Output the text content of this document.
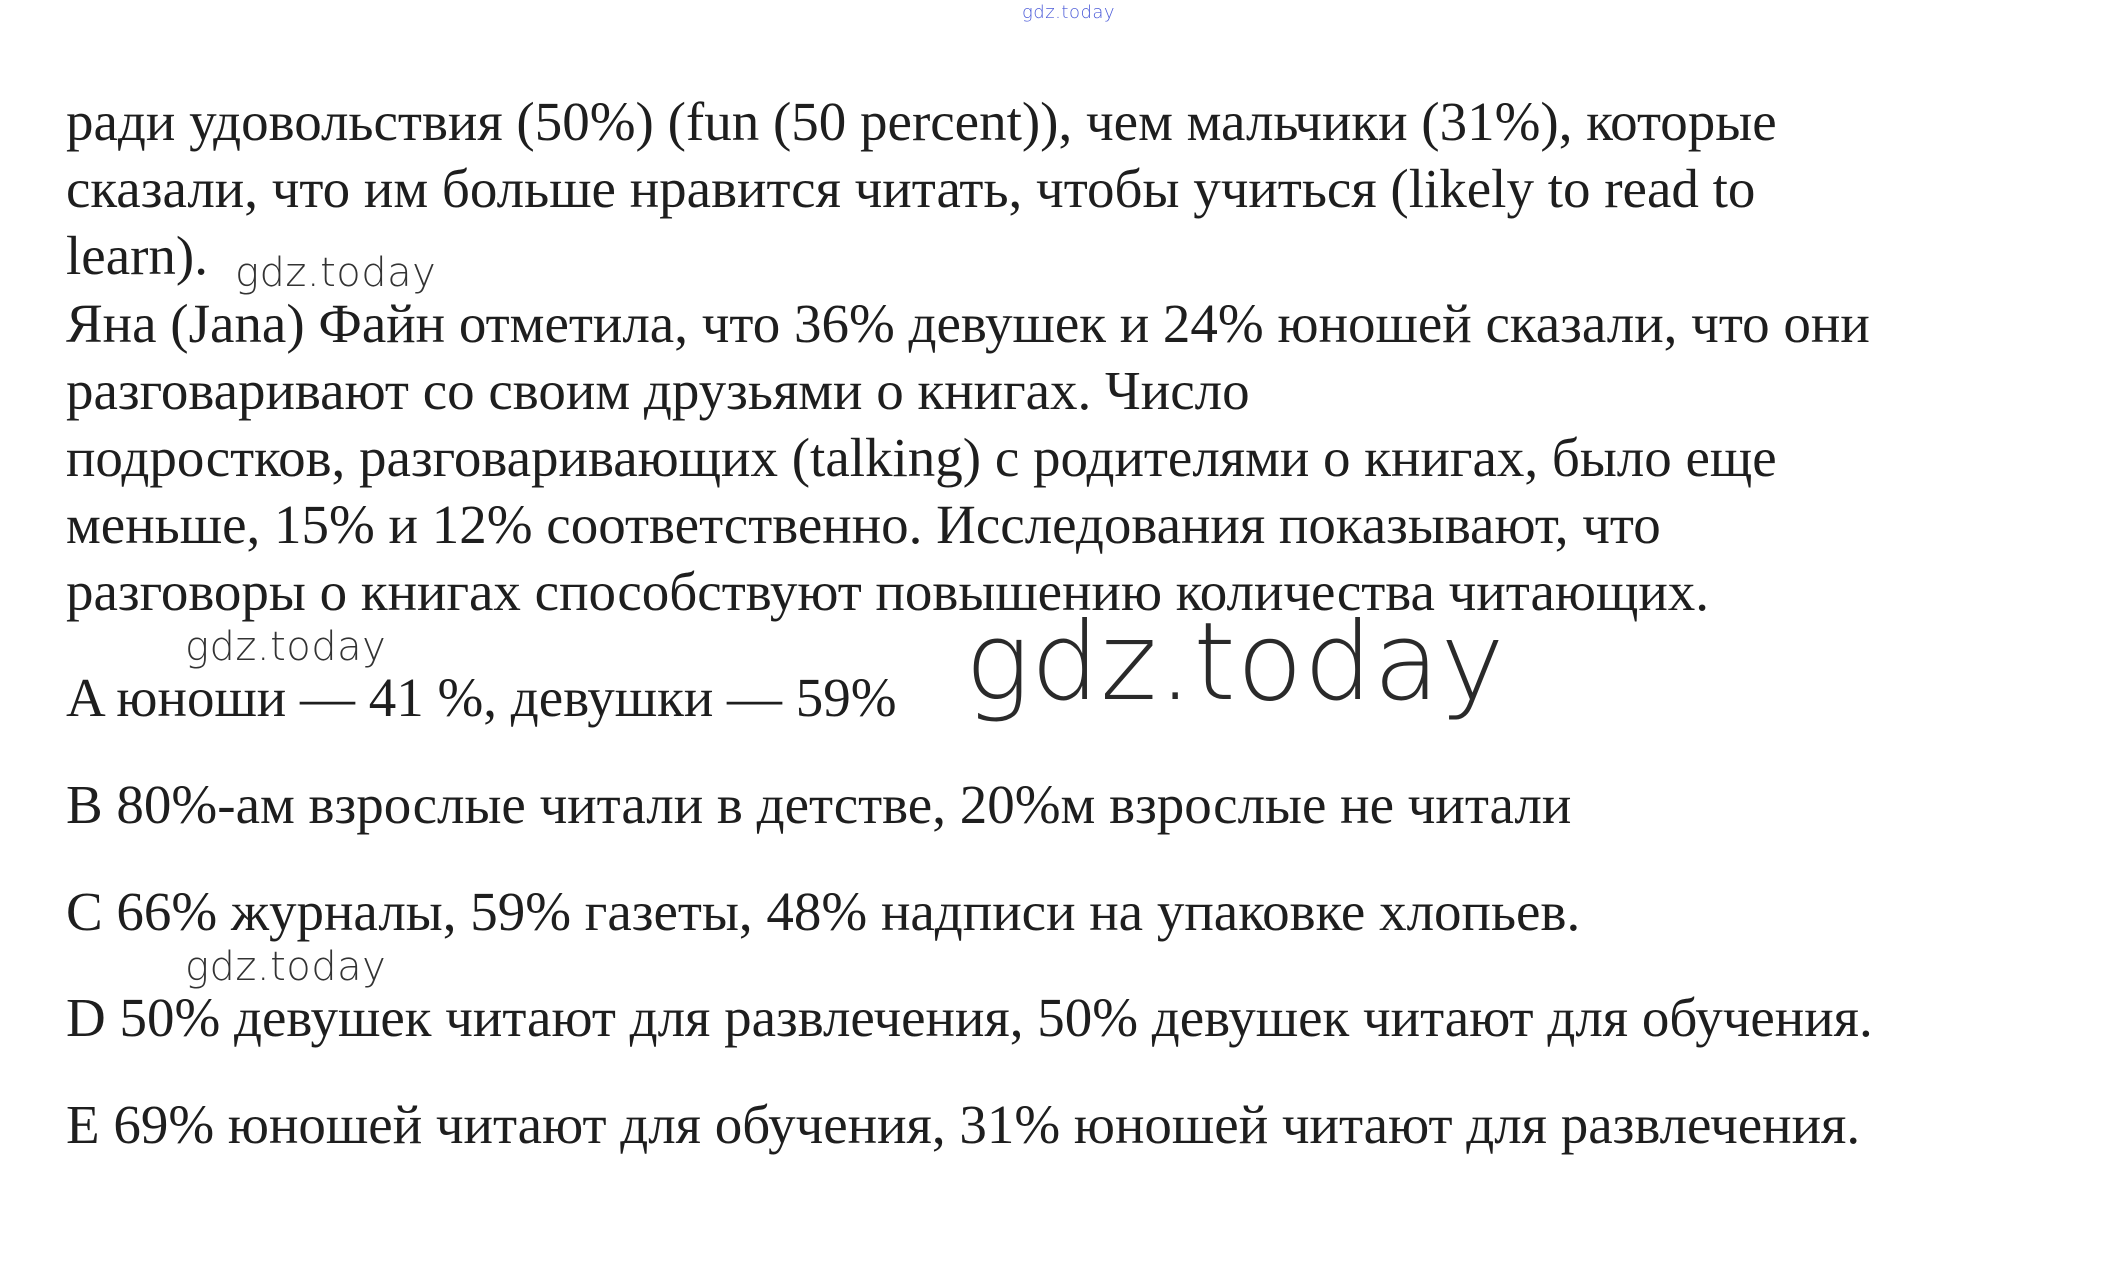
gdz.today
ради удовольствия (50%) (fun (50 percent)), чем мальчики (31%), которые
сказали, что им больше нравится читать, чтобы учиться (likely to read to
learn). gdz.today
Яна (Jana) Файн отметила, что 36% девушек и 24% юношей сказали, что они
разговаривают со своим друзьями о книгах. Число
подростков, разговаривающих (talking) с родителями о книгах, было еще
меньше, 15% и 12% соответственно. Исследования показывают, что
разговоры о книгах способствуют повышению количества читающих.
gdz.today
A юноши — 41 %, девушки — 59% gdz.today
B 80%-ам взрослые читали в детстве, 20%м взрослые не читали
C 66% журналы, 59% газеты, 48% надписи на упаковке хлопьев.
gdz.today
D 50% девушек читают для развлечения, 50% девушек читают для обучения.
E 69% юношей читают для обучения, 31% юношей читают для развлечения.
